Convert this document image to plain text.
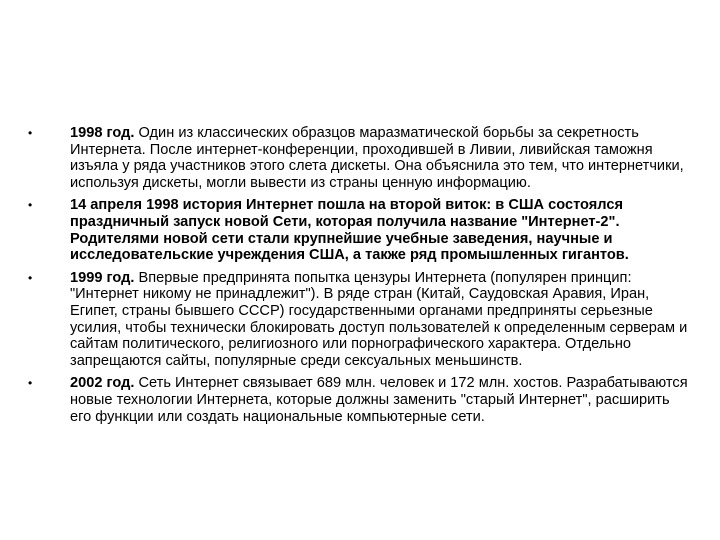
•	1998 год. Один из классических образцов маразматической борьбы за секретность Интернета. После интернет-конференции, проходившей в Ливии, ливийская таможня изъяла у ряда участников этого слета дискеты. Она объяснила это тем, что интернетчики, используя дискеты, могли вывести из страны ценную информацию.
•	14 апреля 1998 история Интернет пошла на второй виток: в США состоялся праздничный запуск новой Сети, которая получила название "Интернет-2". Родителями новой сети стали крупнейшие учебные заведения, научные и исследовательские учреждения США, а также ряд промышленных гигантов.
•	1999 год. Впервые предпринята попытка цензуры Интернета (популярен принцип: "Интернет никому не принадлежит"). В ряде стран (Китай, Саудовская Аравия, Иран, Египет, страны бывшего СССР) государственными органами предприняты серьезные усилия, чтобы технически блокировать доступ пользователей к определенным серверам и сайтам политического, религиозного или порнографического характера. Отдельно запрещаются сайты, популярные среди сексуальных меньшинств.
•	2002 год. Сеть Интернет связывает 689 млн. человек и 172 млн. хостов. Разрабатываются новые технологии Интернета, которые должны заменить "старый Интернет", расширить его функции или создать национальные компьютерные сети.
